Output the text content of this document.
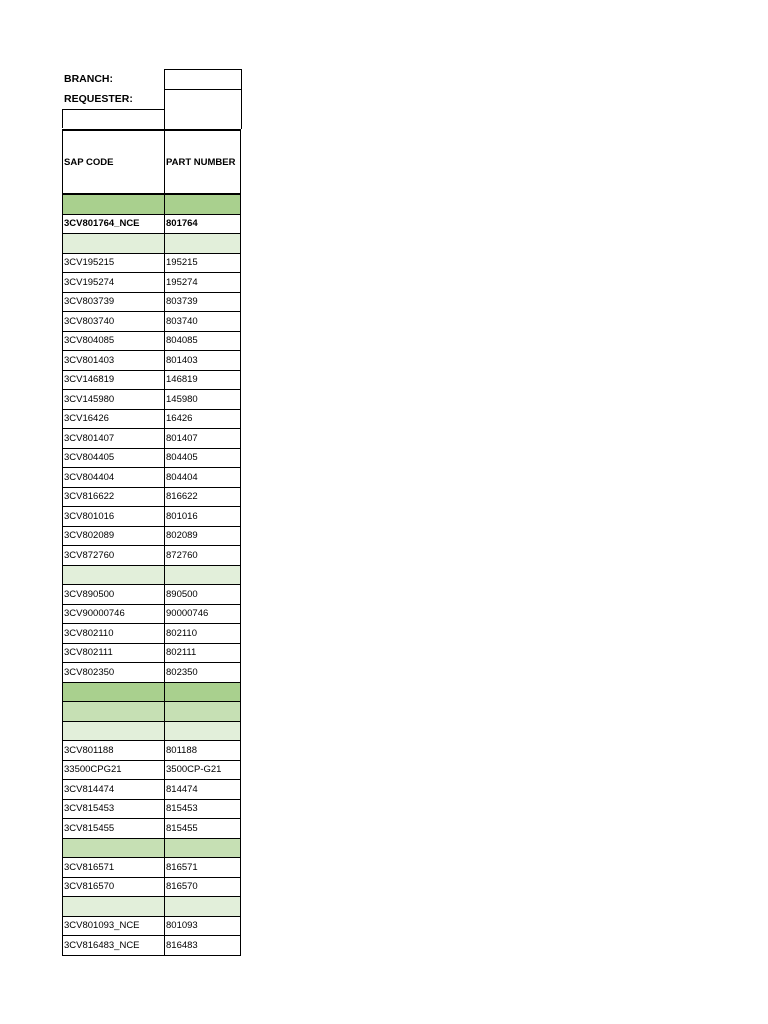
BRANCH:
REQUESTER:
SAP CODE	PART NUMBER

3CV801764_NCE	801764

3CV195215	195215
3CV195274	195274
3CV803739	803739
3CV803740	803740
3CV804085	804085
3CV801403	801403
3CV146819	146819
3CV145980	145980
3CV16426	16426
3CV801407	801407
3CV804405	804405
3CV804404	804404
3CV816622	816622
3CV801016	801016
3CV802089	802089
3CV872760	872760

3CV890500	890500
3CV90000746	90000746
3CV802110	802110
3CV802111	802111
3CV802350	802350

3CV801188	801188
33500CPG21	3500CP-G21
3CV814474	814474
3CV815453	815453
3CV815455	815455

3CV816571	816571
3CV816570	816570

3CV801093_NCE	801093
3CV816483_NCE	816483
